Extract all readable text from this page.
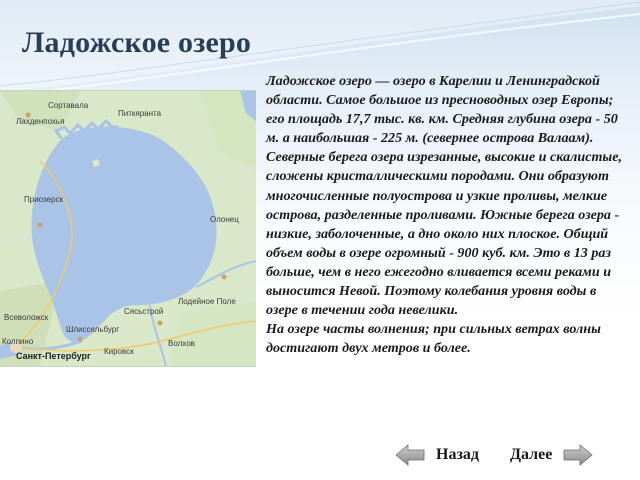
Ладожское озеро
Сортавала
Питкяранта
Лахденпохья
Приозерск
Олонец
Лодейное Поле
Сясьстрой
Всеволожск
Шлиссельбург
Кировск
Волхов
Колпино
Санкт-Петербург

Ладожское озеро — озеро в Карелии и Ленинградской области. Самое большое из пресноводных озер Европы; его площадь 17,7 тыс. кв. км. Средняя глубина озера - 50 м. а наибольшая - 225 м. (севернее острова Валаам). Северные берега озера изрезанные, высокие и скалистые, сложены кристаллическими породами. Они образуют многочисленные полуострова и узкие проливы, мелкие острова, разделенные проливами. Южные берега озера - низкие, заболоченные, а дно около них плоское. Общий объем воды в озере огромный - 900 куб. км. Это в 13 раз больше, чем в него ежегодно вливается всеми реками и выносится Невой. Поэтому колебания уровня воды в озере в течении года невелики.

На озере часты волнения; при сильных ветрах волны достигают двух метров и более.

Назад Далее
